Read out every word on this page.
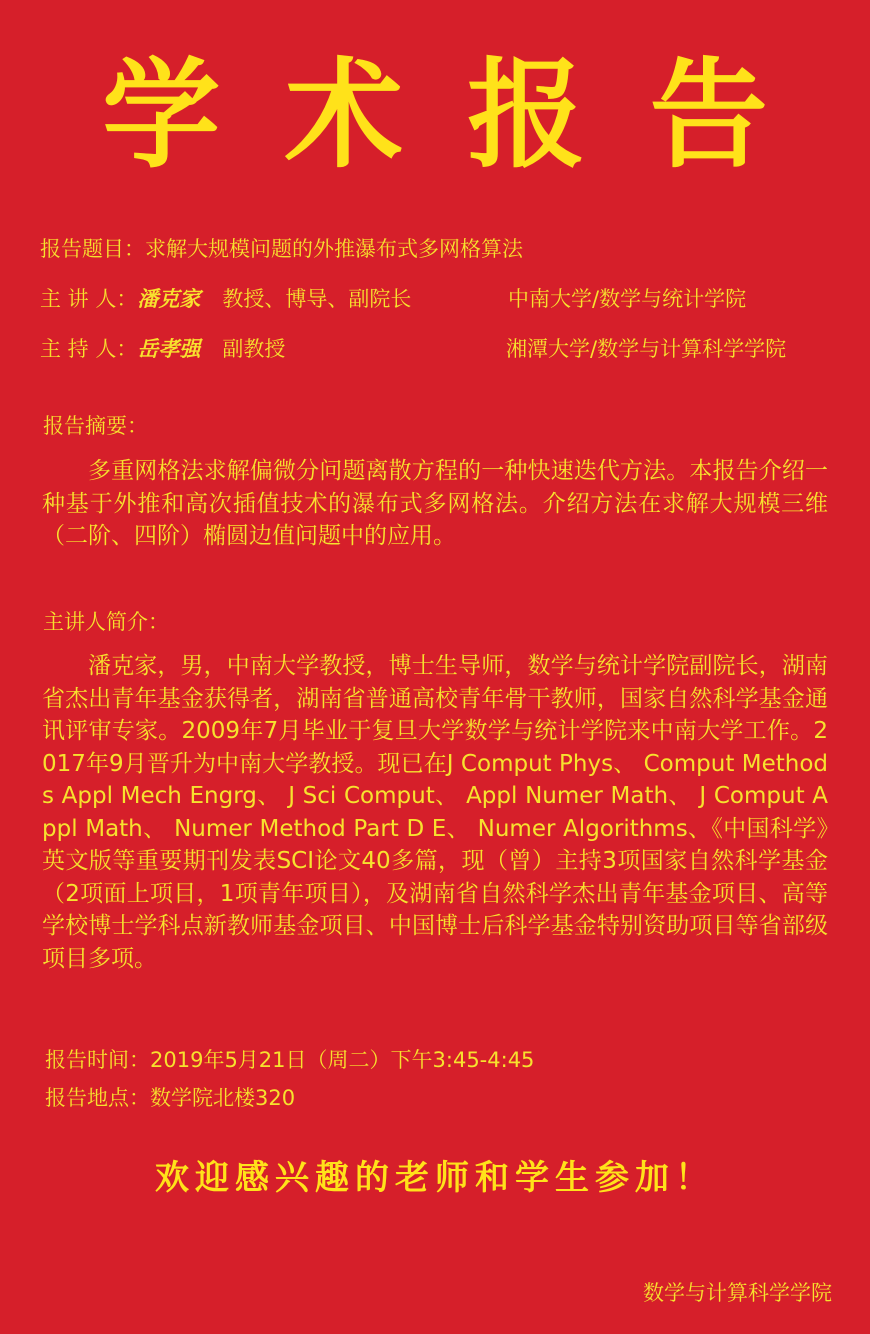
学 术 报 告
报告题目： 求解大规模问题的外推瀑布式多网格算法
主 讲 人： 潘克家 教授、博导、副院长	中南大学/数学与统计学院
主 持 人： 岳孝强 副教授	湘潭大学/数学与计算科学学院
报告摘要：

多重网格法求解偏微分问题离散方程的一种快速迭代方法。本报告介绍一种基于外推和高次插值技术的瀑布式多网格法。介绍方法在求解大规模三维（二阶、四阶）椭圆边值问题中的应用。

主讲人简介：

潘克家，男，中南大学教授，博士生导师，数学与统计学院副院长，湖南省杰出青年基金获得者，湖南省普通高校青年骨干教师，国家自然科学基金通讯评审专家。2009年7月毕业于复旦大学数学与统计学院来中南大学工作。2017年9月晋升为中南大学教授。现已在J Comput Phys、 Comput Methods Appl Mech Engrg、 J Sci Comput、 Appl Numer Math、 J Comput Appl Math、 Numer Method Part D E、 Numer Algorithms、《中国科学》英文版等重要期刊发表SCI论文40多篇，现（曾）主持3项国家自然科学基金（2项面上项目，1项青年项目），及湖南省自然科学杰出青年基金项目、高等学校博士学科点新教师基金项目、中国博士后科学基金特别资助项目等省部级项目多项。

报告时间：2019年5月21日（周二）下午3:45-4:45
报告地点：数学院北楼320
欢迎感兴趣的老师和学生参加！
数学与计算科学学院
